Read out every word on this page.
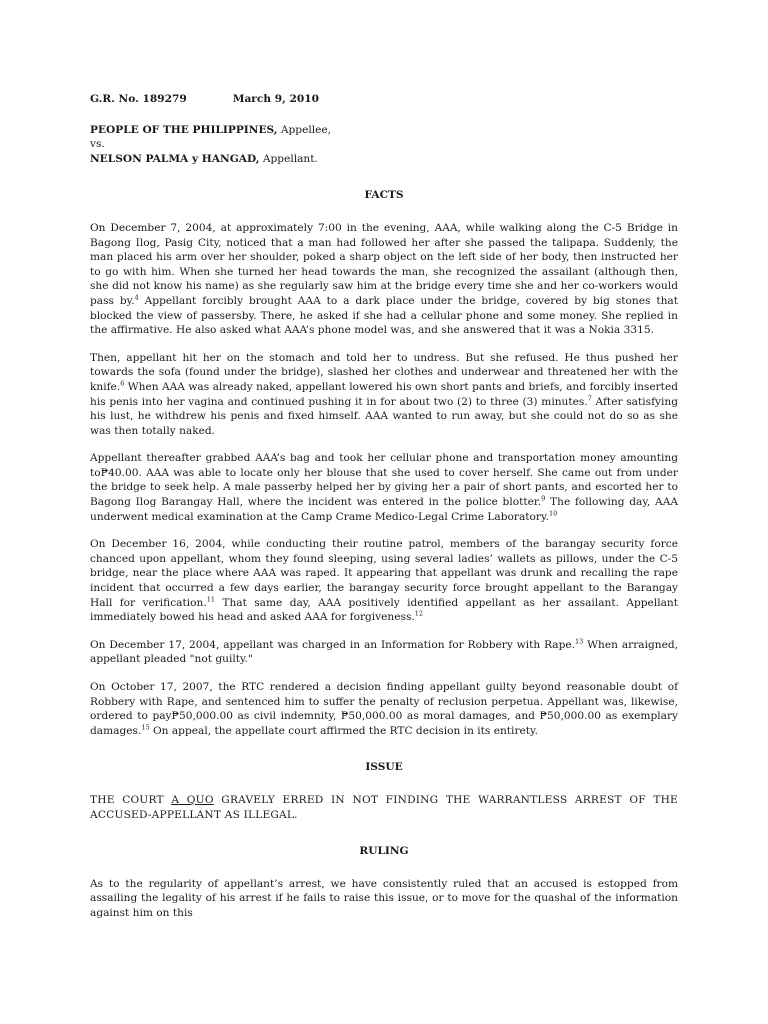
G.R. No. 189279	March 9, 2010

PEOPLE OF THE PHILIPPINES, Appellee,

vs.

NELSON PALMA y HANGAD, Appellant.

FACTS

On December 7, 2004, at approximately 7:00 in the evening, AAA, while walking along the C-5 Bridge in Bagong Ilog, Pasig City, noticed that a man had followed her after she passed the talipapa. Suddenly, the man placed his arm over her shoulder, poked a sharp object on the left side of her body, then instructed her to go with him. When she turned her head towards the man, she recognized the assailant (although then, she did not know his name) as she regularly saw him at the bridge every time she and her co-workers would pass by.$^4$ Appellant forcibly brought AAA to a dark place under the bridge, covered by big stones that blocked the view of passersby. There, he asked if she had a cellular phone and some money. She replied in the affirmative. He also asked what AAA’s phone model was, and she answered that it was a Nokia 3315.

Then, appellant hit her on the stomach and told her to undress. But she refused. He thus pushed her towards the sofa (found under the bridge), slashed her clothes and underwear and threatened her with the knife.$^6$ When AAA was already naked, appellant lowered his own short pants and briefs, and forcibly inserted his penis into her vagina and continued pushing it in for about two (2) to three (3) minutes.$^7$ After satisfying his lust, he withdrew his penis and fixed himself. AAA wanted to run away, but she could not do so as she was then totally naked.

Appellant thereafter grabbed AAA’s bag and took her cellular phone and transportation money amounting to₱40.00. AAA was able to locate only her blouse that she used to cover herself. She came out from under the bridge to seek help. A male passerby helped her by giving her a pair of short pants, and escorted her to Bagong Ilog Barangay Hall, where the incident was entered in the police blotter.$^9$ The following day, AAA underwent medical examination at the Camp Crame Medico-Legal Crime Laboratory.$^{10}$

On December 16, 2004, while conducting their routine patrol, members of the barangay security force chanced upon appellant, whom they found sleeping, using several ladies’ wallets as pillows, under the C-5 bridge, near the place where AAA was raped. It appearing that appellant was drunk and recalling the rape incident that occurred a few days earlier, the barangay security force brought appellant to the Barangay Hall for verification.$^{11}$ That same day, AAA positively identified appellant as her assailant. Appellant immediately bowed his head and asked AAA for forgiveness.$^{12}$

On December 17, 2004, appellant was charged in an Information for Robbery with Rape.$^{13}$ When arraigned, appellant pleaded "not guilty."

On October 17, 2007, the RTC rendered a decision finding appellant guilty beyond reasonable doubt of Robbery with Rape, and sentenced him to suffer the penalty of reclusion perpetua. Appellant was, likewise, ordered to pay₱50,000.00 as civil indemnity, ₱50,000.00 as moral damages, and ₱50,000.00 as exemplary damages.$^{15}$ On appeal, the appellate court affirmed the RTC decision in its entirety.

ISSUE

THE COURT A QUO GRAVELY ERRED IN NOT FINDING THE WARRANTLESS ARREST OF THE ACCUSED-APPELLANT AS ILLEGAL.

RULING

As to the regularity of appellant’s arrest, we have consistently ruled that an accused is estopped from assailing the legality of his arrest if he fails to raise this issue, or to move for the quashal of the information against him on this
